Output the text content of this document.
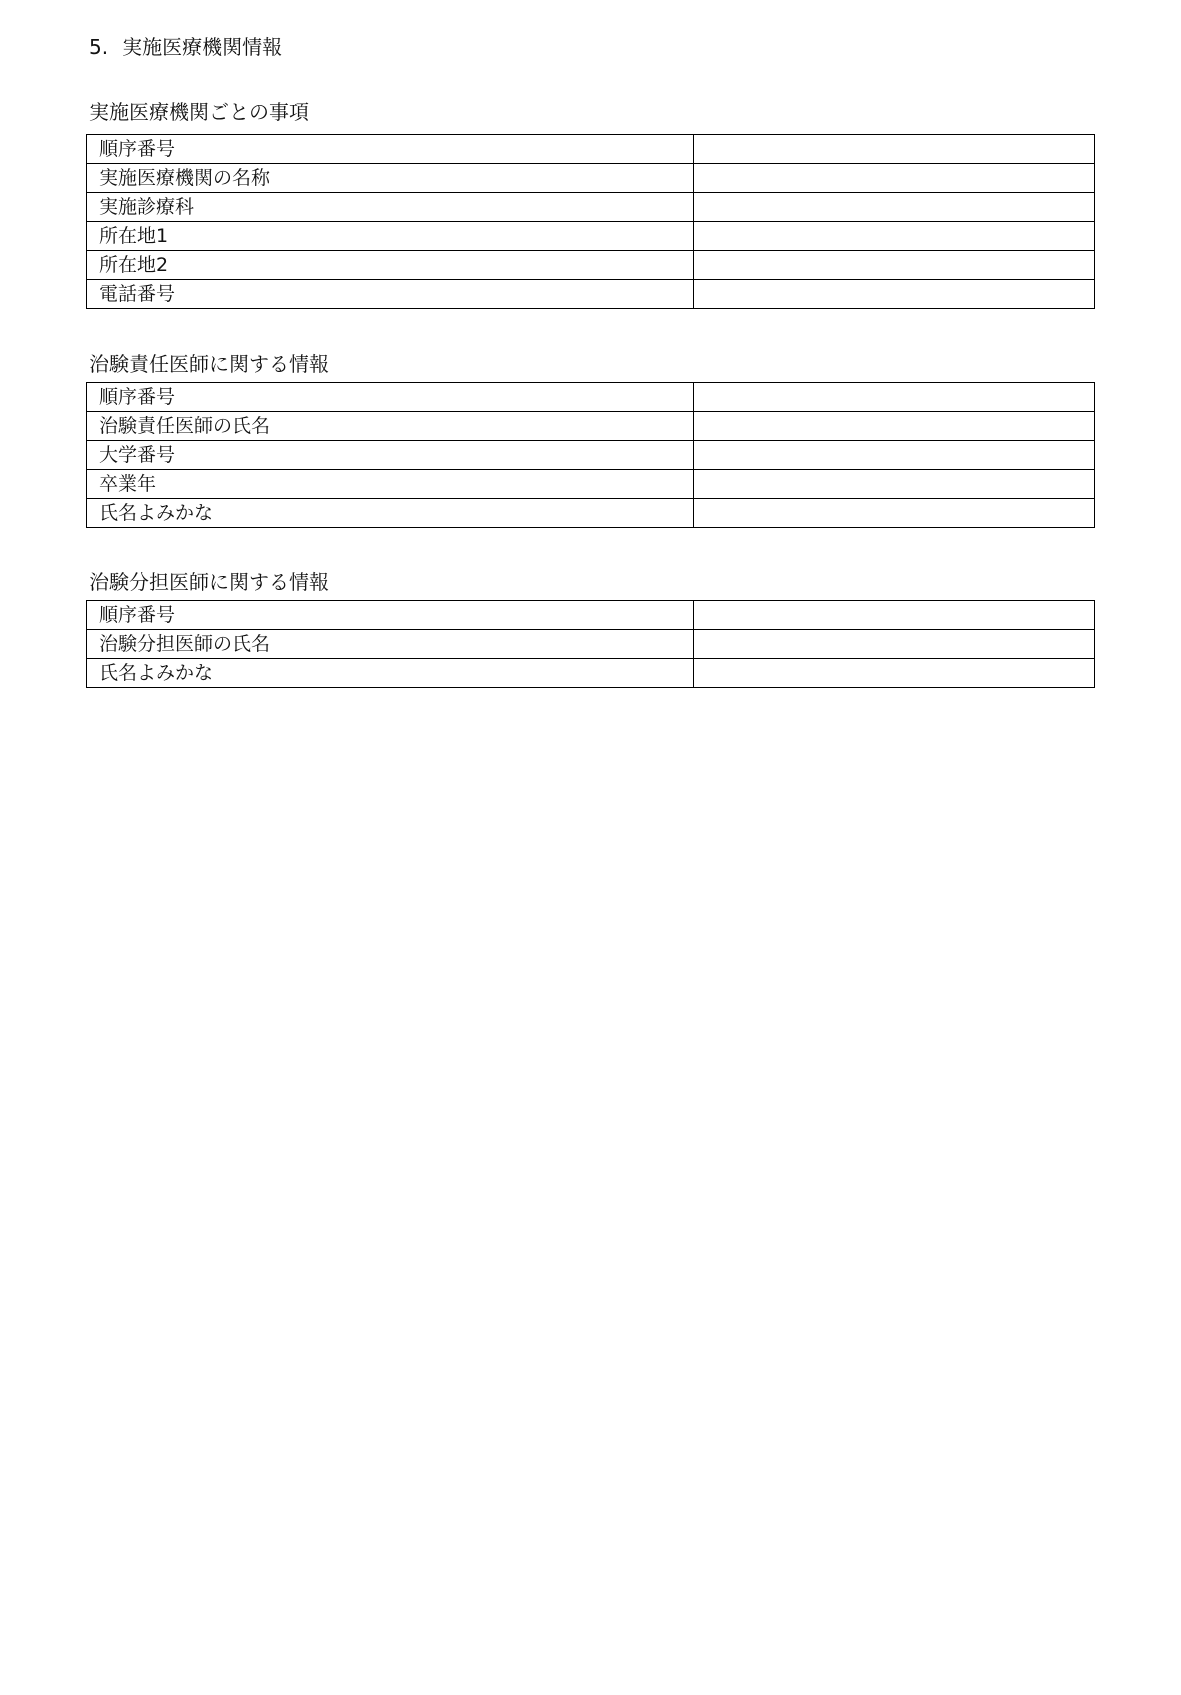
5. 実施医療機関情報
実施医療機関ごとの事項
順序番号	
実施医療機関の名称	
実施診療科	
所在地1	
所在地2	
電話番号	
治験責任医師に関する情報
順序番号	
治験責任医師の氏名	
大学番号	
卒業年	
氏名よみかな	
治験分担医師に関する情報
順序番号	
治験分担医師の氏名	
氏名よみかな	
